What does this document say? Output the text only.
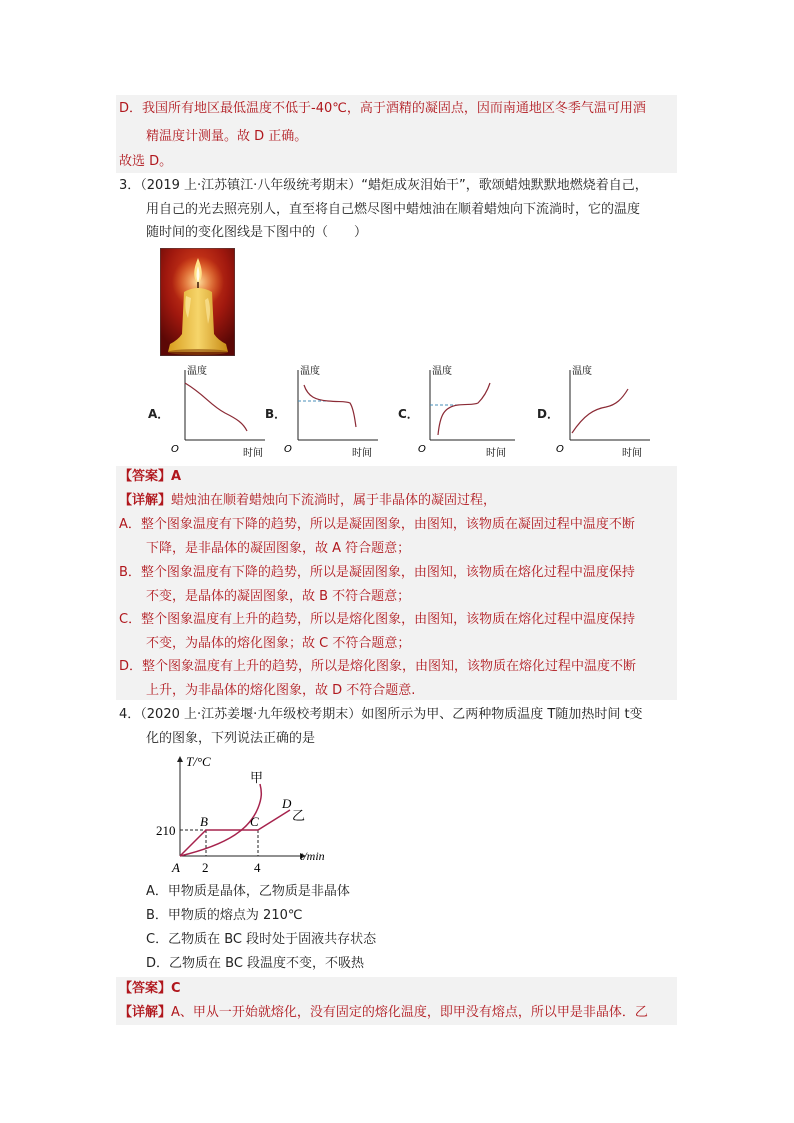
D．我国所有地区最低温度不低于-40℃，高于酒精的凝固点，因而南通地区冬季气温可用酒
精温度计测量。故 D 正确。
故选 D。
3．（2019 上·江苏镇江·八年级统考期末）“蜡炬成灰泪始干”，歌颂蜡烛默默地燃烧着自己，
用自己的光去照亮别人，直至将自己燃尽图中蜡烛油在顺着蜡烛向下流淌时，它的温度
随时间的变化图线是下图中的（　　）
A．
温度
时间
O
B．
温度
时间
O
C．
温度
时间
O
D．
温度
时间
O
【答案】A
【详解】蜡烛油在顺着蜡烛向下流淌时，属于非晶体的凝固过程，
A．整个图象温度有下降的趋势，所以是凝固图象，由图知，该物质在凝固过程中温度不断
下降，是非晶体的凝固图象，故 A 符合题意；
B．整个图象温度有下降的趋势，所以是凝固图象，由图知，该物质在熔化过程中温度保持
不变，是晶体的凝固图象，故 B 不符合题意；
C．整个图象温度有上升的趋势，所以是熔化图象，由图知，该物质在熔化过程中温度保持
不变，为晶体的熔化图象；故 C 不符合题意；
D．整个图象温度有上升的趋势，所以是熔化图象，由图知，该物质在熔化过程中温度不断
上升，为非晶体的熔化图象，故 D 不符合题意.
4．（2020 上·江苏姜堰·九年级校考期末）如图所示为甲、乙两种物质温度 T随加热时间 t变
化的图象，下列说法正确的是
T/°C
t/min
210
2	4
A
B	C
D
甲
乙
A．甲物质是晶体，乙物质是非晶体
B．甲物质的熔点为 210℃
C．乙物质在 BC 段时处于固液共存状态
D．乙物质在 BC 段温度不变，不吸热
【答案】C
【详解】A、甲从一开始就熔化，没有固定的熔化温度，即甲没有熔点，所以甲是非晶体．乙
